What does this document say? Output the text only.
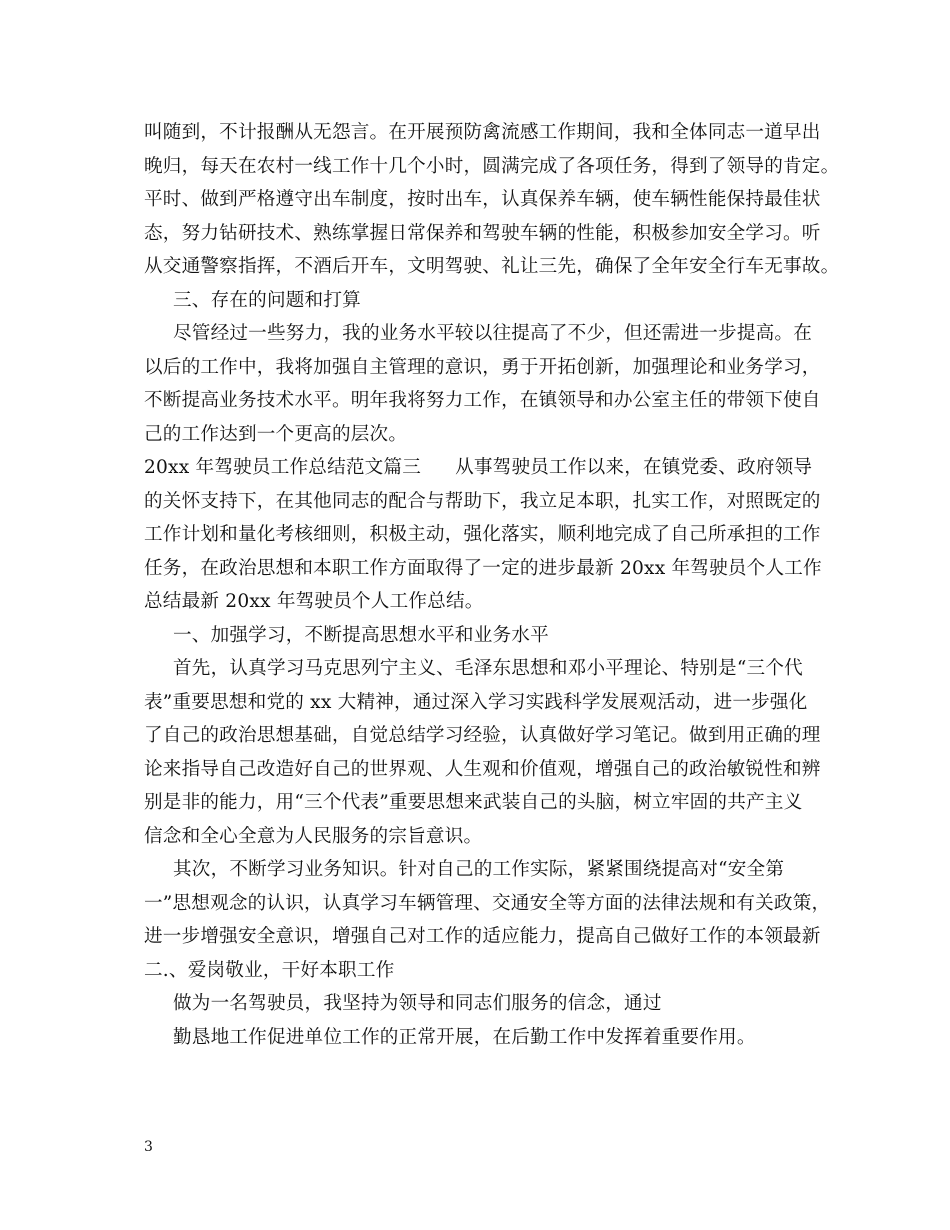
叫随到，不计报酬从无怨言。在开展预防禽流感工作期间，我和全体同志一道早出
晚归，每天在农村一线工作十几个小时，圆满完成了各项任务，得到了领导的肯定。
平时、做到严格遵守出车制度，按时出车，认真保养车辆，使车辆性能保持最佳状
态，努力钻研技术、熟练掌握日常保养和驾驶车辆的性能，积极参加安全学习。听
从交通警察指挥，不酒后开车，文明驾驶、礼让三先，确保了全年安全行车无事故。
三、存在的问题和打算
尽管经过一些努力，我的业务水平较以往提高了不少，但还需进一步提高。在
以后的工作中，我将加强自主管理的意识，勇于开拓创新，加强理论和业务学习，
不断提高业务技术水平。明年我将努力工作，在镇领导和办公室主任的带领下使自
己的工作达到一个更高的层次。
20xx 年驾驶员工作总结范文篇三 从事驾驶员工作以来，在镇党委、政府领导
的关怀支持下，在其他同志的配合与帮助下，我立足本职，扎实工作，对照既定的
工作计划和量化考核细则，积极主动，强化落实，顺利地完成了自己所承担的工作
任务，在政治思想和本职工作方面取得了一定的进步最新 20xx 年驾驶员个人工作
总结最新 20xx 年驾驶员个人工作总结。
一、加强学习，不断提高思想水平和业务水平
首先，认真学习马克思列宁主义、毛泽东思想和邓小平理论、特别是“三个代
表”重要思想和党的 xx 大精神，通过深入学习实践科学发展观活动，进一步强化
了自己的政治思想基础，自觉总结学习经验，认真做好学习笔记。做到用正确的理
论来指导自己改造好自己的世界观、人生观和价值观，增强自己的政治敏锐性和辨
别是非的能力，用“三个代表”重要思想来武装自己的头脑，树立牢固的共产主义
信念和全心全意为人民服务的宗旨意识。
其次，不断学习业务知识。针对自己的工作实际，紧紧围绕提高对“安全第
一”思想观念的认识，认真学习车辆管理、交通安全等方面的法律法规和有关政策，
进一步增强安全意识，增强自己对工作的适应能力，提高自己做好工作的本领最新
二.、爱岗敬业，干好本职工作
做为一名驾驶员，我坚持为领导和同志们服务的信念，通过
勤恳地工作促进单位工作的正常开展，在后勤工作中发挥着重要作用。
3
